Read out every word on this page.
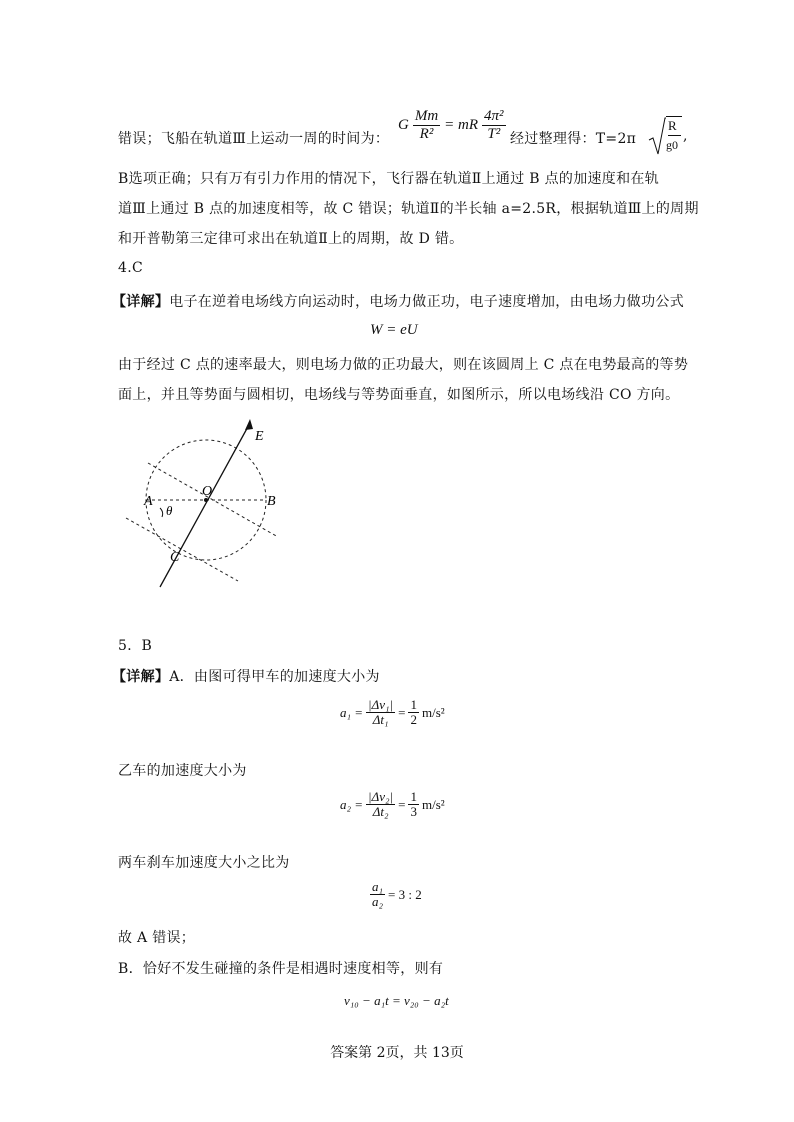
错误；飞船在轨道Ⅲ上运动一周的时间为：
G $\frac{Mm}{\text{R²}}$ = mR $\frac{\text{4π²}}{\text{T²}}$ 经过整理得：T=2π
R
g0
,
B选项正确；只有万有引力作用的情况下，飞行器在轨道Ⅱ上通过 B 点的加速度和在轨
道Ⅲ上通过 B 点的加速度相等，故 C 错误；轨道Ⅱ的半长轴 a=2.5R，根据轨道Ⅲ上的周期
和开普勒第三定律可求出在轨道Ⅱ上的周期，故 D 错。
4.C
【详解】电子在逆着电场线方向运动时，电场力做正功，电子速度增加，由电场力做功公式
W = eU
由于经过 C 点的速率最大，则电场力做的正功最大，则在该圆周上 C 点在电势最高的等势
面上，并且等势面与圆相切，电场线与等势面垂直，如图所示，所以电场线沿 CO 方向。
E
O
A	B
C
θ
5．B
【详解】A．由图可得甲车的加速度大小为
$a_1 = \frac{\text{|Δv₁|}}{\text{Δt₁}} = \frac{1}{2} m/s^2$
乙车的加速度大小为
$a_2 = \frac{\text{|Δv₂|}}{\text{Δt₂}} = \frac{1}{3} m/s^2$
两车刹车加速度大小之比为
$\frac{\text{a₁}}{\text{a₂}} = 3$ : 2
故 A 错误；
B．恰好不发生碰撞的条件是相遇时速度相等，则有
v₁₀ − a₁t = v₂₀ − a₂t
答案第 2页，共 13页
